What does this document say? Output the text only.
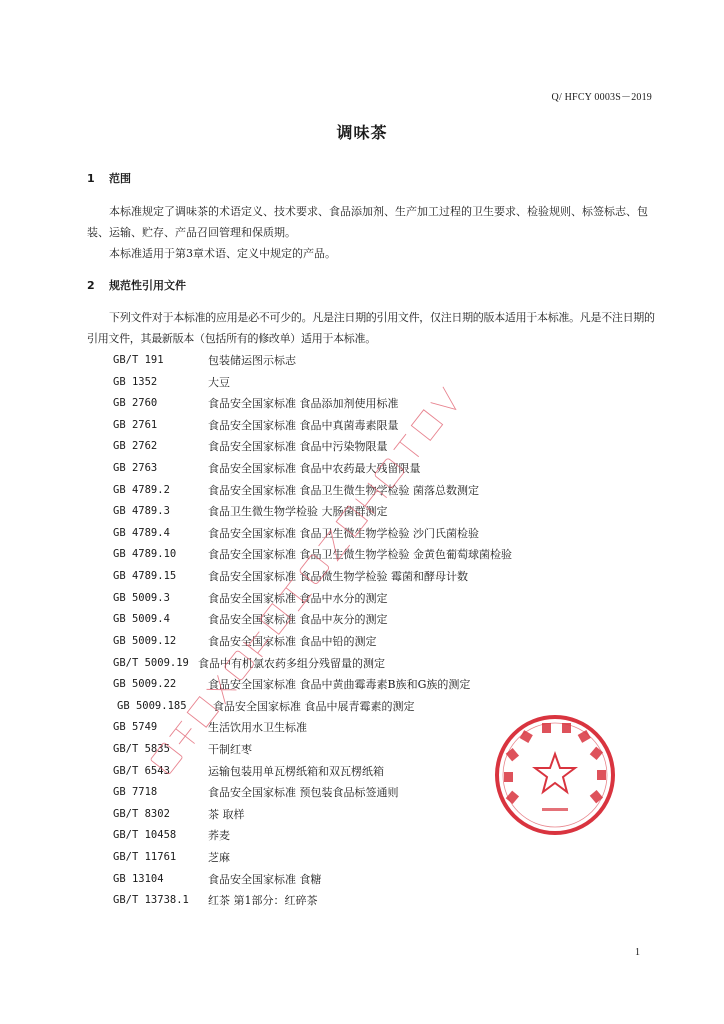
Q/ HFCY 0003S－2019
调味茶
1 范围
本标准规定了调味茶的术语定义、技术要求、食品添加剂、生产加工过程的卫生要求、检验规则、标签标志、包装、运输、贮存、产品召回管理和保质期。
本标准适用于第3章术语、定义中规定的产品。
2 规范性引用文件
下列文件对于本标准的应用是必不可少的。凡是注日期的引用文件，仅注日期的版本适用于本标准。凡是不注日期的引用文件，其最新版本（包括所有的修改单）适用于本标准。
GB/T 191	包装储运图示标志
GB 1352	大豆
GB 2760	食品安全国家标准 食品添加剂使用标准
GB 2761	食品安全国家标准 食品中真菌毒素限量
GB 2762	食品安全国家标准 食品中污染物限量
GB 2763	食品安全国家标准 食品中农药最大残留限量
GB 4789.2	食品安全国家标准 食品卫生微生物学检验 菌落总数测定
GB 4789.3	食品卫生微生物学检验 大肠菌群测定
GB 4789.4	食品安全国家标准 食品卫生微生物学检验 沙门氏菌检验
GB 4789.10	食品安全国家标准 食品卫生微生物学检验 金黄色葡萄球菌检验
GB 4789.15	食品安全国家标准 食品微生物学检验 霉菌和酵母计数
GB 5009.3	食品安全国家标准 食品中水分的测定
GB 5009.4	食品安全国家标准 食品中灰分的测定
GB 5009.12	食品安全国家标准 食品中铅的测定
GB/T 5009.19 食品中有机氯农药多组分残留量的测定
GB 5009.22	食品安全国家标准 食品中黄曲霉毒素B族和G族的测定
GB 5009.185 食品安全国家标准 食品中展青霉素的测定
GB 5749	生活饮用水卫生标准
GB/T 5835	干制红枣
GB/T 6543	运输包装用单瓦楞纸箱和双瓦楞纸箱
GB 7718	食品安全国家标准 预包装食品标签通则
GB/T 8302	茶 取样
GB/T 10458	荞麦
GB/T 11761	芝麻
GB 13104	食品安全国家标准 食糖
GB/T 13738.1 红茶 第1部分：红碎茶
1
